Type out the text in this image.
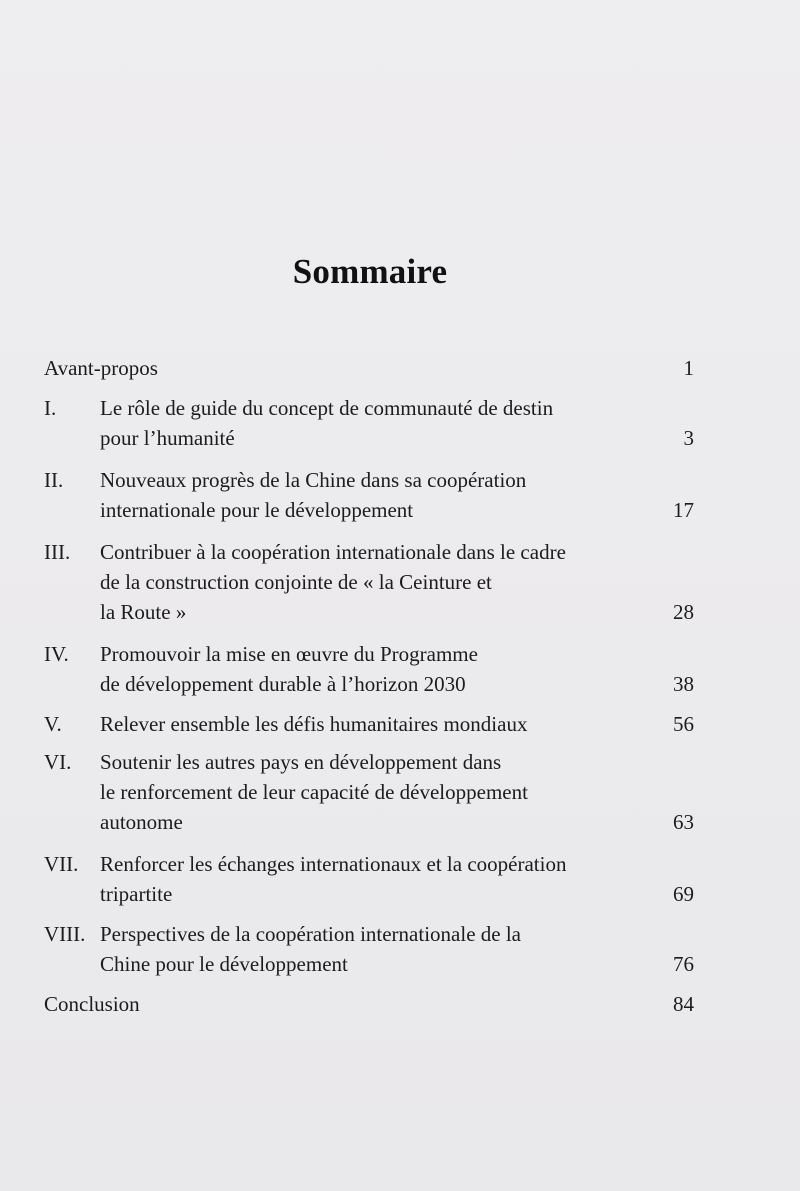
Sommaire
Avant-propos	1
I. Le rôle de guide du concept de communauté de destin
pour l’humanité	3
II. Nouveaux progrès de la Chine dans sa coopération
internationale pour le développement	17
III. Contribuer à la coopération internationale dans le cadre
de la construction conjointe de « la Ceinture et
la Route »	28
IV. Promouvoir la mise en œuvre du Programme
de développement durable à l’horizon 2030	38
V. Relever ensemble les défis humanitaires mondiaux	56
VI. Soutenir les autres pays en développement dans
le renforcement de leur capacité de développement
autonome	63
VII. Renforcer les échanges internationaux et la coopération
tripartite	69
VIII. Perspectives de la coopération internationale de la
Chine pour le développement	76
Conclusion	84
